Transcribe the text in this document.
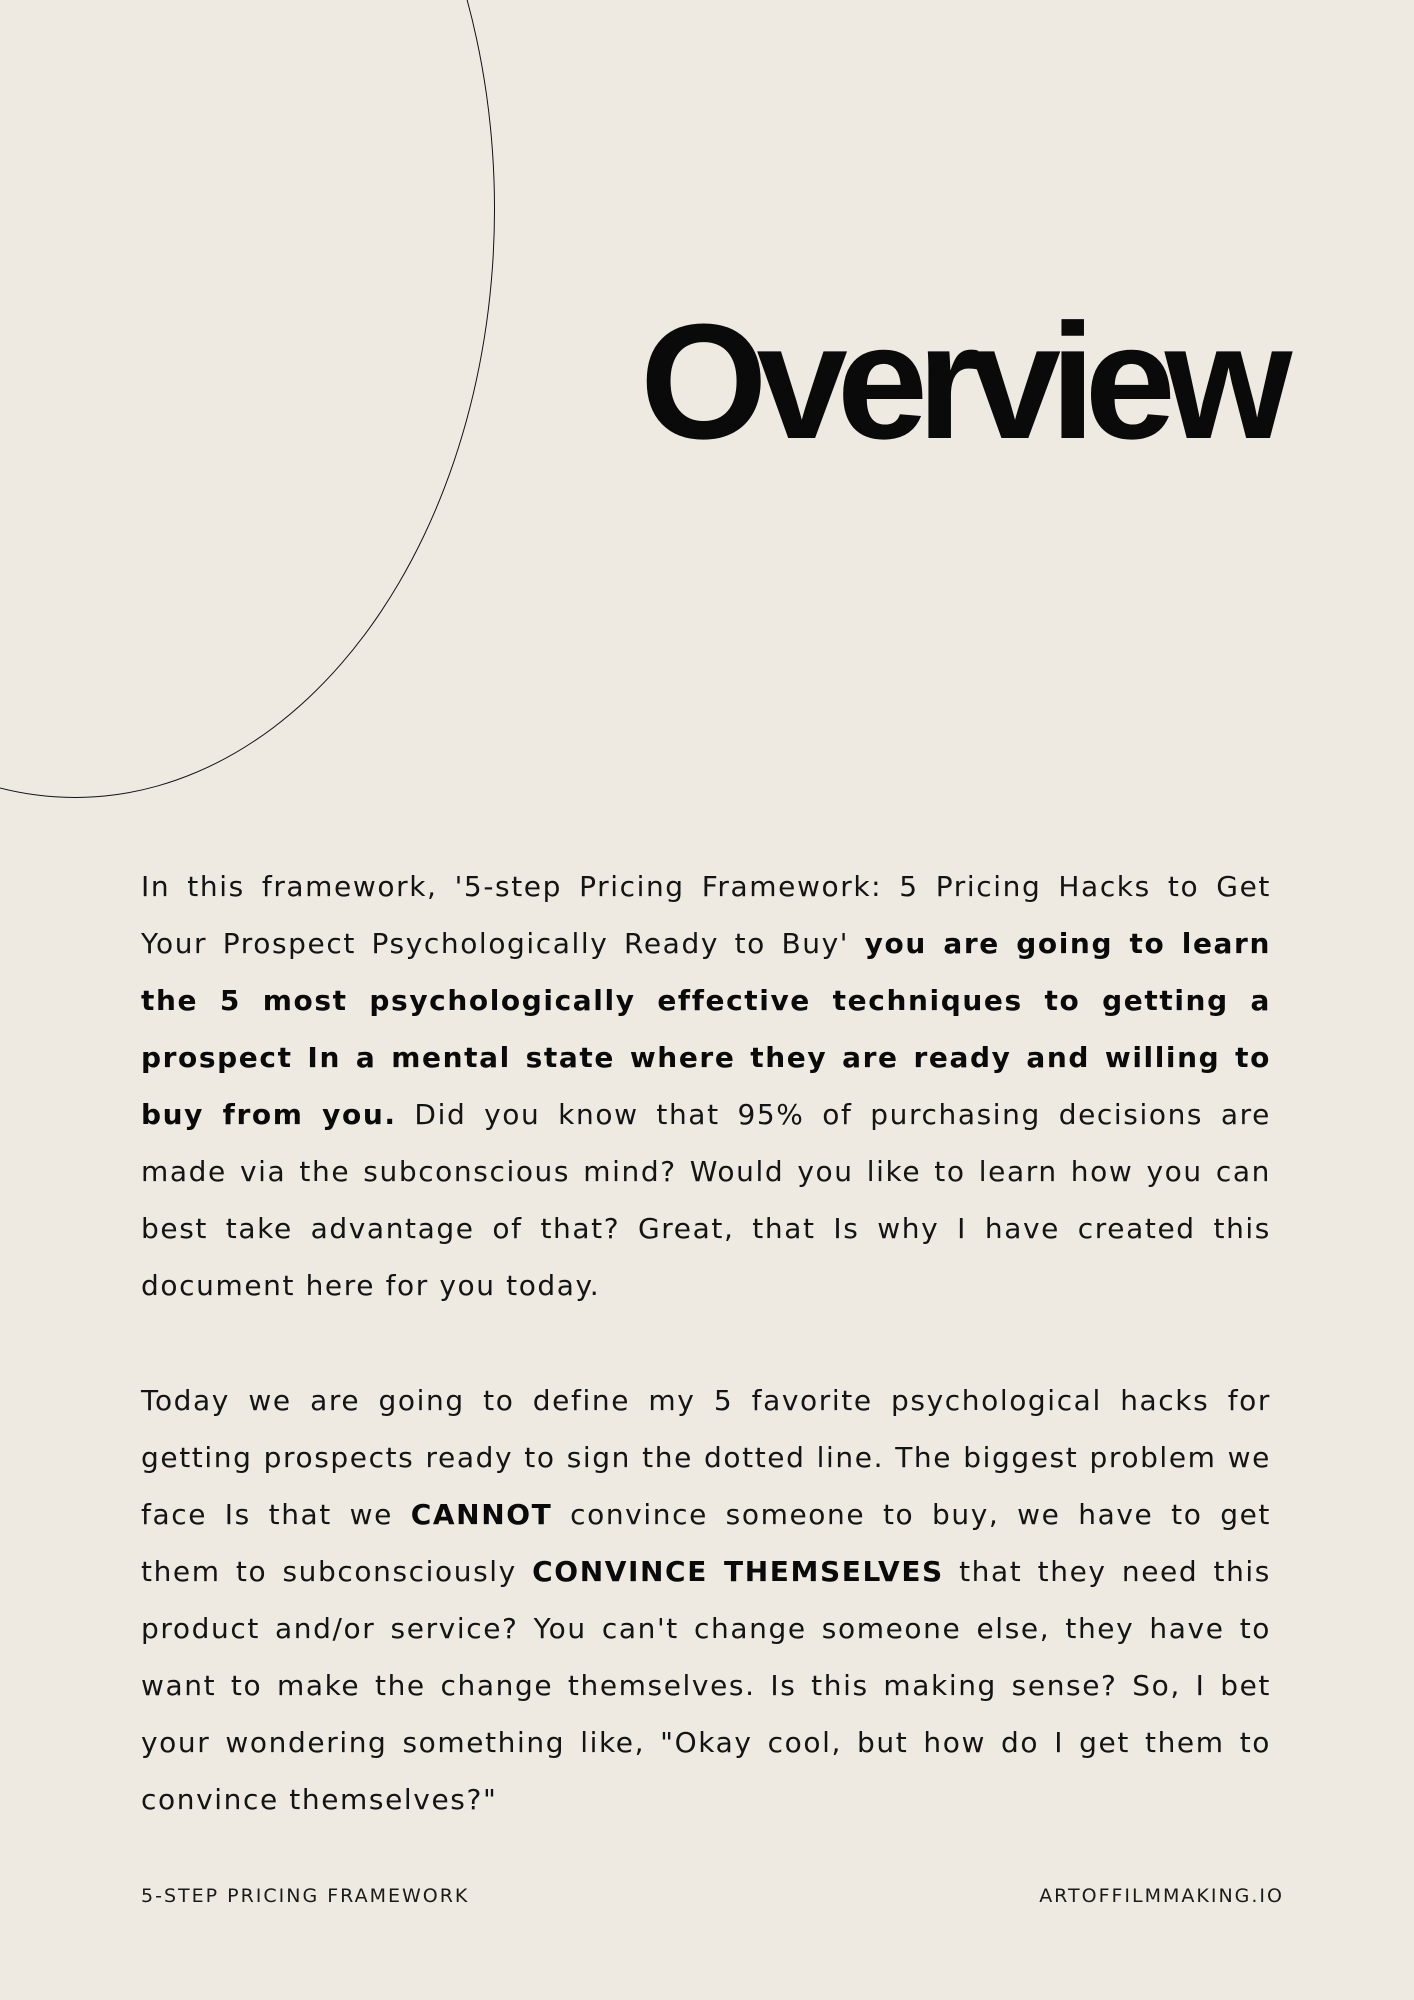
Overview

In this framework, '5-step Pricing Framework: 5 Pricing Hacks to Get Your Prospect Psychologically Ready to Buy' you are going to learn the 5 most psychologically effective techniques to getting a prospect In a mental state where they are ready and willing to buy from you. Did you know that 95% of purchasing decisions are made via the subconscious mind? Would you like to learn how you can best take advantage of that? Great, that Is why I have created this document here for you today.

Today we are going to define my 5 favorite psychological hacks for getting prospects ready to sign the dotted line. The biggest problem we face Is that we CANNOT convince someone to buy, we have to get them to subconsciously CONVINCE THEMSELVES that they need this product and/or service? You can't change someone else, they have to want to make the change themselves. Is this making sense? So, I bet your wondering something like, "Okay cool, but how do I get them to convince themselves?"

5-STEP PRICING FRAMEWORK	ARTOFFILMMAKING.IO
